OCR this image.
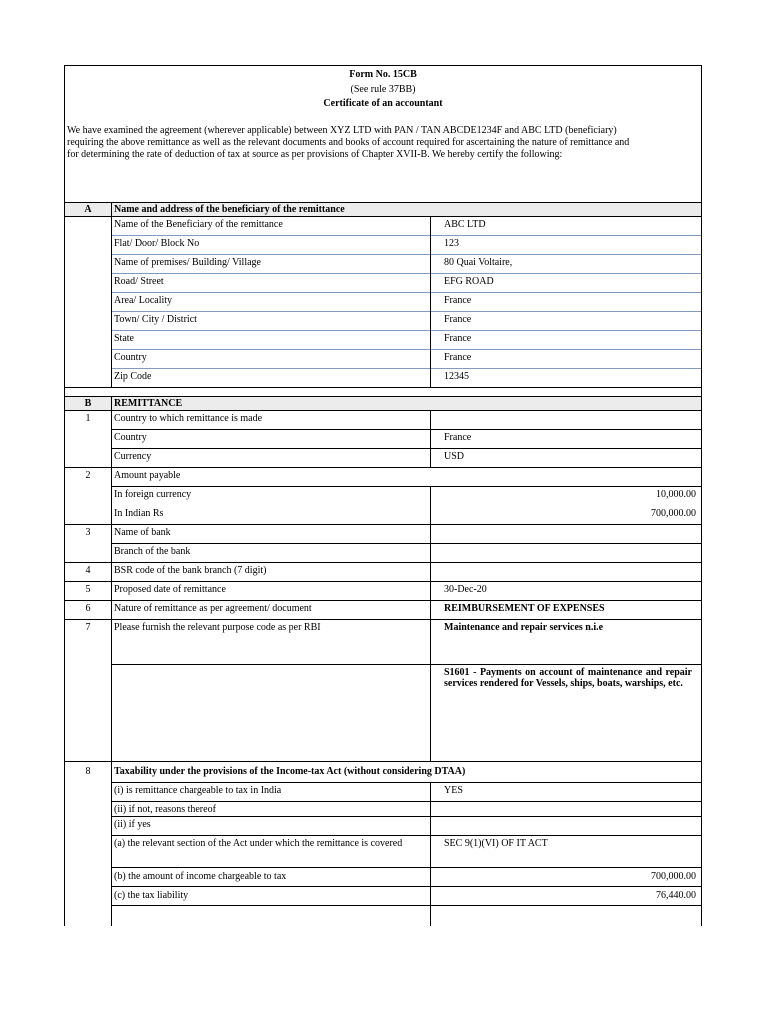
Form No. 15CB
(See rule 37BB)
Certificate of an accountant
We have examined the agreement (wherever applicable) between XYZ LTD with PAN / TAN ABCDE1234F and ABC LTD (beneficiary)
requiring the above remittance as well as the relevant documents and books of account required for ascertaining the nature of remittance and
for determining the rate of deduction of tax at source as per provisions of Chapter XVII-B. We hereby certify the following:
A	Name and address of the beneficiary of the remittance
Name of the Beneficiary of the remittance	ABC LTD
Flat/ Door/ Block No	123
Name of premises/ Building/ Village	80 Quai Voltaire,
Road/ Street	EFG ROAD
Area/ Locality	France
Town/ City / District	France
State	France
Country	France
Zip Code	12345
B	REMITTANCE
1	Country to which remittance is made
Country	France
Currency	USD
2	Amount payable
In foreign currency	10,000.00
In Indian Rs	700,000.00
3	Name of bank
Branch of the bank
4	BSR code of the bank branch (7 digit)
5	Proposed date of remittance	30-Dec-20
6	Nature of remittance as per agreement/ document	REIMBURSEMENT OF EXPENSES
7	Please furnish the relevant purpose code as per RBI	Maintenance and repair services n.i.e
S1601 - Payments on account of maintenance and repair services rendered for Vessels, ships, boats, warships, etc.
8	Taxability under the provisions of the Income-tax Act (without considering DTAA)
(i) is remittance chargeable to tax in India	YES
(ii) if not, reasons thereof
(ii) if yes
(a) the relevant section of the Act under which the remittance is covered	SEC 9(1)(VI) OF IT ACT
(b) the amount of income chargeable to tax	700,000.00
(c) the tax liability	76,440.00
